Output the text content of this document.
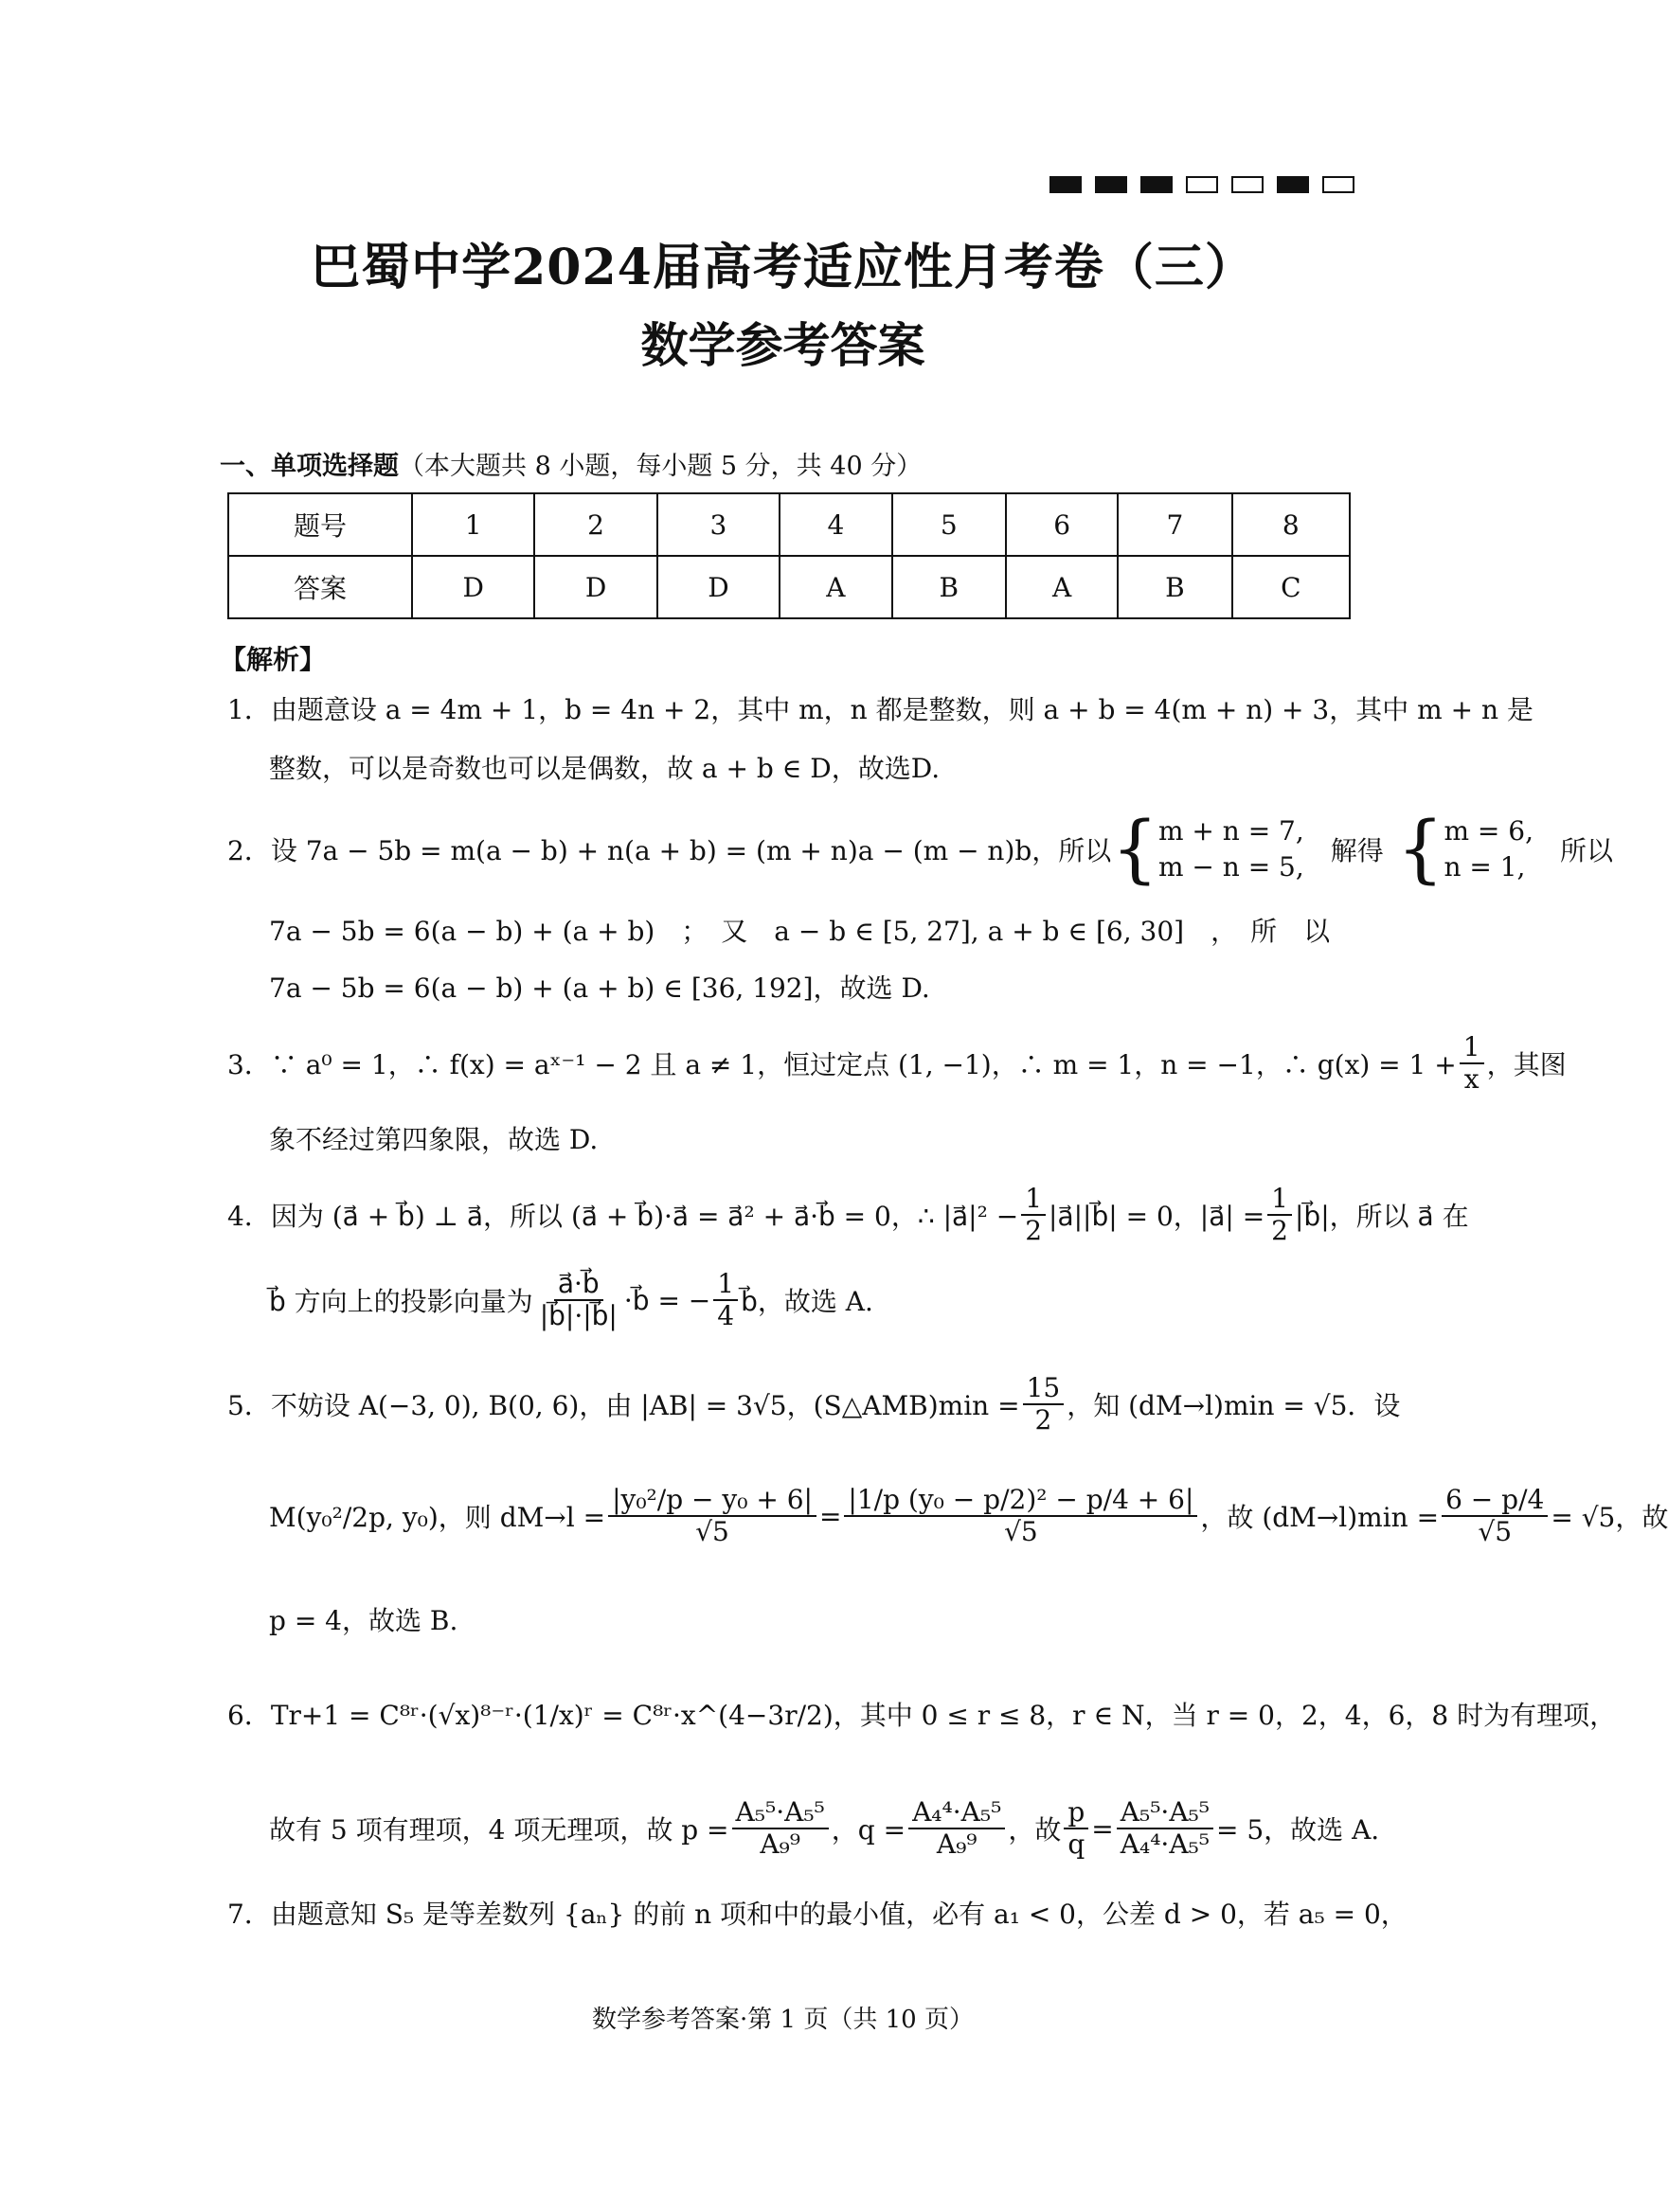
巴蜀中学2024届高考适应性月考卷（三）
数学参考答案
一、单项选择题（本大题共 8 小题，每小题 5 分，共 40 分）
题号	1	2	3	4	5	6	7	8
答案	D	D	D	A	B	A	B	C
【解析】
1．由题意设 a = 4m + 1，b = 4n + 2，其中 m，n 都是整数，则 a + b = 4(m + n) + 3，其中 m + n 是
整数，可以是奇数也可以是偶数，故 a + b ∈ D，故选D.
2．设 7a − 5b = m(a − b) + n(a + b) = (m + n)a − (m − n)b，所以 { m + n = 7,
m − n = 5,
解得 { m = 6,
n = 1,
所以
7a − 5b = 6(a − b) + (a + b)　；　又　a − b ∈ [5, 27], a + b ∈ [6, 30]　，　所　以
7a − 5b = 6(a − b) + (a + b) ∈ [36, 192]，故选 D.
3．∵ a⁰ = 1，∴ f(x) = aˣ⁻¹ − 2 且 a ≠ 1，恒过定点 (1, −1)，∴ m = 1，n = −1，∴ $g(x) = 1 + \frac{1}{x}$ ，其图
象不经过第四象限，故选 D.
4．因为 (a⃗ + b⃗) ⊥ a⃗，所以 (a⃗ + b⃗)·a⃗ = a⃗² + a⃗·b⃗ = 0，∴ |a⃗|² − $\frac{1}{2}$ |a⃗||b⃗| = 0，|a⃗| = $\frac{1}{2}$ |b⃗|，所以 a⃗ 在
b⃗ 方向上的投影向量为 $\frac{a⃗\cdot b⃗}{|b⃗|\cdot|b⃗|}$ ·b⃗ = − $\frac{1}{4}$ b⃗，故选 A.
5．不妨设 A(−3, 0), B(0, 6)，由 |AB| = 3√5，(S△AMB)min = $\frac{15}{2}$ ，知 (dM→l)min = √5．设
M(y₀²/2p, y₀)，则 $dM\to l = \frac{\text{|y₀²/p − y₀ + 6|}}{√5} = \frac{\text{|1/p (y₀ − p/2)² − p/4 + 6|}}{√5}$ ，故 $(dM\to l)\min = \frac{6 - p/4}{√5} = √5$，故
p = 4，故选 B.
6．Tr+1 = C⁸ʳ·(√x)⁸⁻ʳ·(1/x)ʳ = C⁸ʳ·x^(4−3r/2)，其中 0 ≤ r ≤ 8，r ∈ N，当 r = 0，2，4，6，8 时为有理项，
故有 5 项有理项，4 项无理项，故 $p = \frac{\text{A₅⁵·A₅⁵}}{\text{A₉⁹}}$ ，$q = \frac{\text{A₄⁴·A₅⁵}}{\text{A₉⁹}}$ ，故 $\frac{p}{q} = \frac{\text{A₅⁵·A₅⁵}}{\text{A₄⁴·A₅⁵}} = 5$，故选 A.
7．由题意知 S₅ 是等差数列 {aₙ} 的前 n 项和中的最小值，必有 a₁ < 0，公差 d > 0，若 a₅ = 0，
数学参考答案·第 1 页（共 10 页）
